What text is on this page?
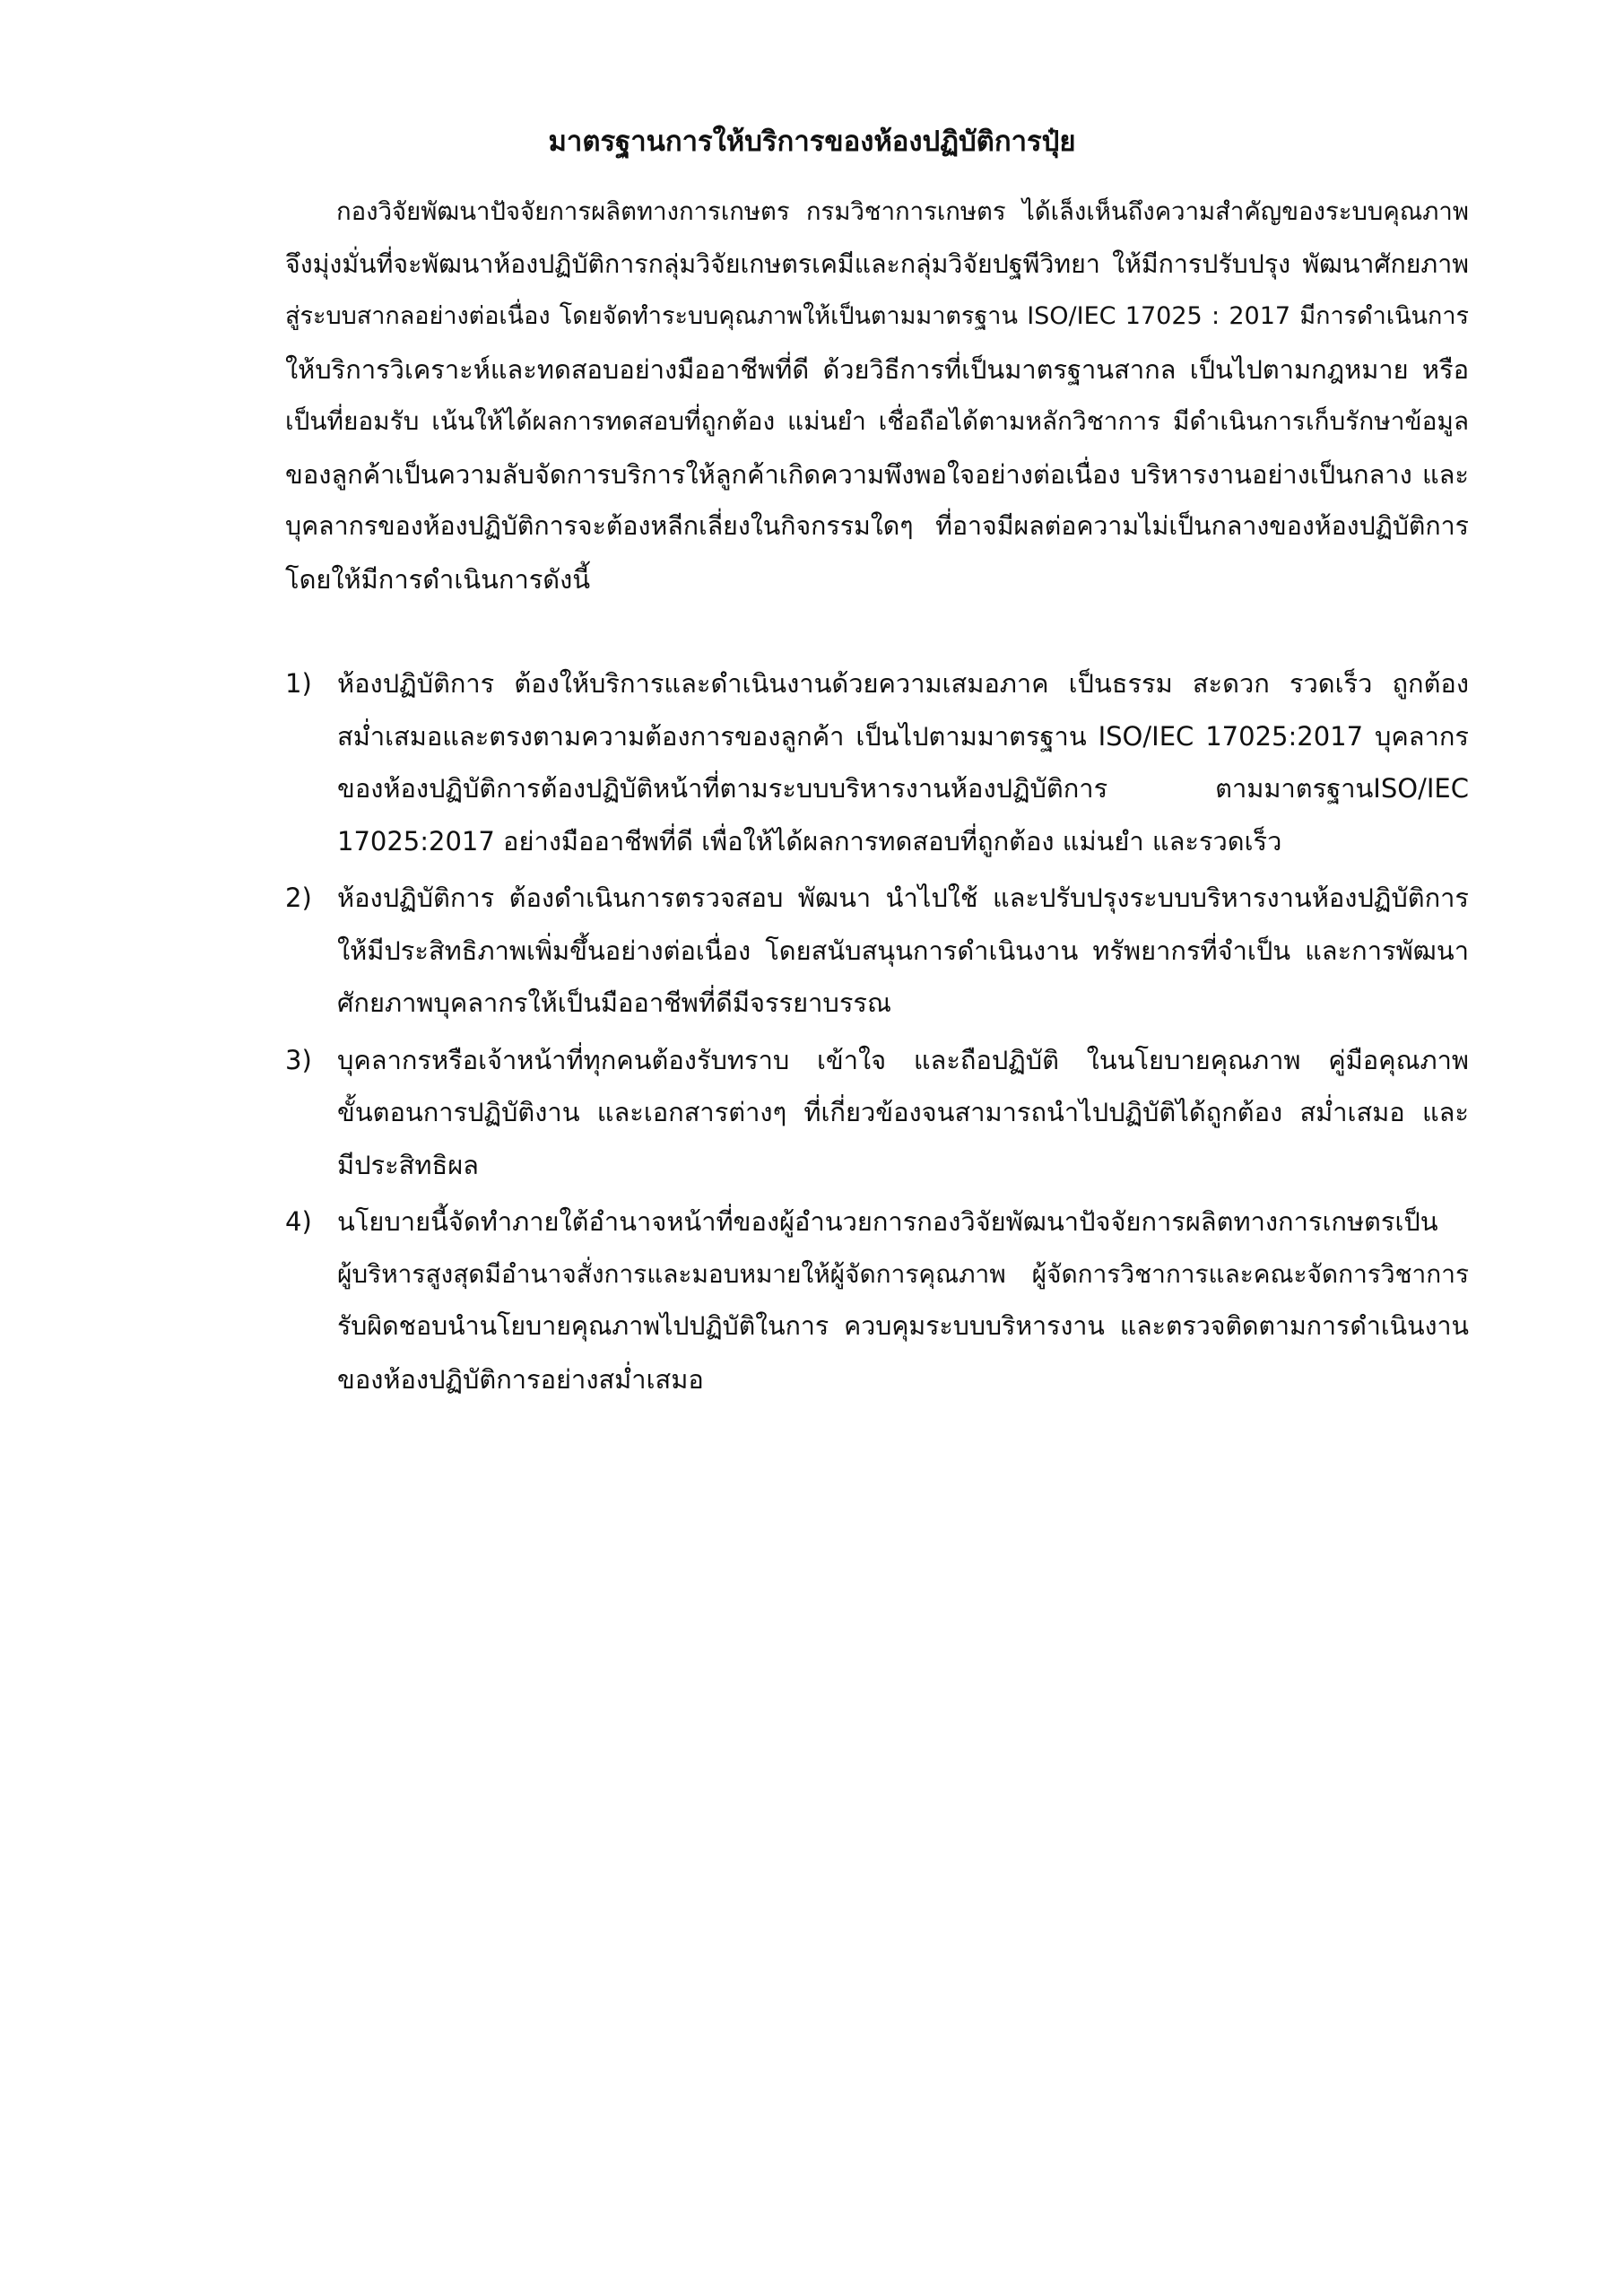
มาตรฐานการให้บริการของห้องปฏิบัติการปุ๋ย
กองวิจัยพัฒนาปัจจัยการผลิตทางการเกษตร กรมวิชาการเกษตร ได้เล็งเห็นถึงความสำคัญของระบบคุณภาพ
จึงมุ่งมั่นที่จะพัฒนาห้องปฏิบัติการกลุ่มวิจัยเกษตรเคมีและกลุ่มวิจัยปฐพีวิทยา ให้มีการปรับปรุง พัฒนาศักยภาพ
สู่ระบบสากลอย่างต่อเนื่อง โดยจัดทำระบบคุณภาพให้เป็นตามมาตรฐาน ISO/IEC 17025 : 2017 มีการดำเนินการ
ให้บริการวิเคราะห์และทดสอบอย่างมืออาชีพที่ดี ด้วยวิธีการที่เป็นมาตรฐานสากล เป็นไปตามกฎหมาย หรือ
เป็นที่ยอมรับ เน้นให้ได้ผลการทดสอบที่ถูกต้อง แม่นยำ เชื่อถือได้ตามหลักวิชาการ มีดำเนินการเก็บรักษาข้อมูล
ของลูกค้าเป็นความลับจัดการบริการให้ลูกค้าเกิดความพึงพอใจอย่างต่อเนื่อง บริหารงานอย่างเป็นกลาง และ
บุคลากรของห้องปฏิบัติการจะต้องหลีกเลี่ยงในกิจกรรมใดๆ ที่อาจมีผลต่อความไม่เป็นกลางของห้องปฏิบัติการ
โดยให้มีการดำเนินการดังนี้
1) ห้องปฏิบัติการ ต้องให้บริการและดำเนินงานด้วยความเสมอภาค เป็นธรรม สะดวก รวดเร็ว ถูกต้อง
สม่ำเสมอและตรงตามความต้องการของลูกค้า เป็นไปตามมาตรฐาน ISO/IEC 17025:2017 บุคลากร
ของห้องปฏิบัติการต้องปฏิบัติหน้าที่ตามระบบบริหารงานห้องปฏิบัติการ ตามมาตรฐานISO/IEC
17025:2017 อย่างมืออาชีพที่ดี เพื่อให้ได้ผลการทดสอบที่ถูกต้อง แม่นยำ และรวดเร็ว
2) ห้องปฏิบัติการ ต้องดำเนินการตรวจสอบ พัฒนา นำไปใช้ และปรับปรุงระบบบริหารงานห้องปฏิบัติการ
ให้มีประสิทธิภาพเพิ่มขึ้นอย่างต่อเนื่อง โดยสนับสนุนการดำเนินงาน ทรัพยากรที่จำเป็น และการพัฒนา
ศักยภาพบุคลากรให้เป็นมืออาชีพที่ดีมีจรรยาบรรณ
3) บุคลากรหรือเจ้าหน้าที่ทุกคนต้องรับทราบ เข้าใจ และถือปฏิบัติ ในนโยบายคุณภาพ คู่มือคุณภาพ
ขั้นตอนการปฏิบัติงาน และเอกสารต่างๆ ที่เกี่ยวข้องจนสามารถนำไปปฏิบัติได้ถูกต้อง สม่ำเสมอ และ
มีประสิทธิผล
4) นโยบายนี้จัดทำภายใต้อำนาจหน้าที่ของผู้อำนวยการกองวิจัยพัฒนาปัจจัยการผลิตทางการเกษตรเป็น
ผู้บริหารสูงสุดมีอำนาจสั่งการและมอบหมายให้ผู้จัดการคุณภาพ ผู้จัดการวิชาการและคณะจัดการวิชาการ
รับผิดชอบนำนโยบายคุณภาพไปปฏิบัติในการ ควบคุมระบบบริหารงาน และตรวจติดตามการดำเนินงาน
ของห้องปฏิบัติการอย่างสม่ำเสมอ
